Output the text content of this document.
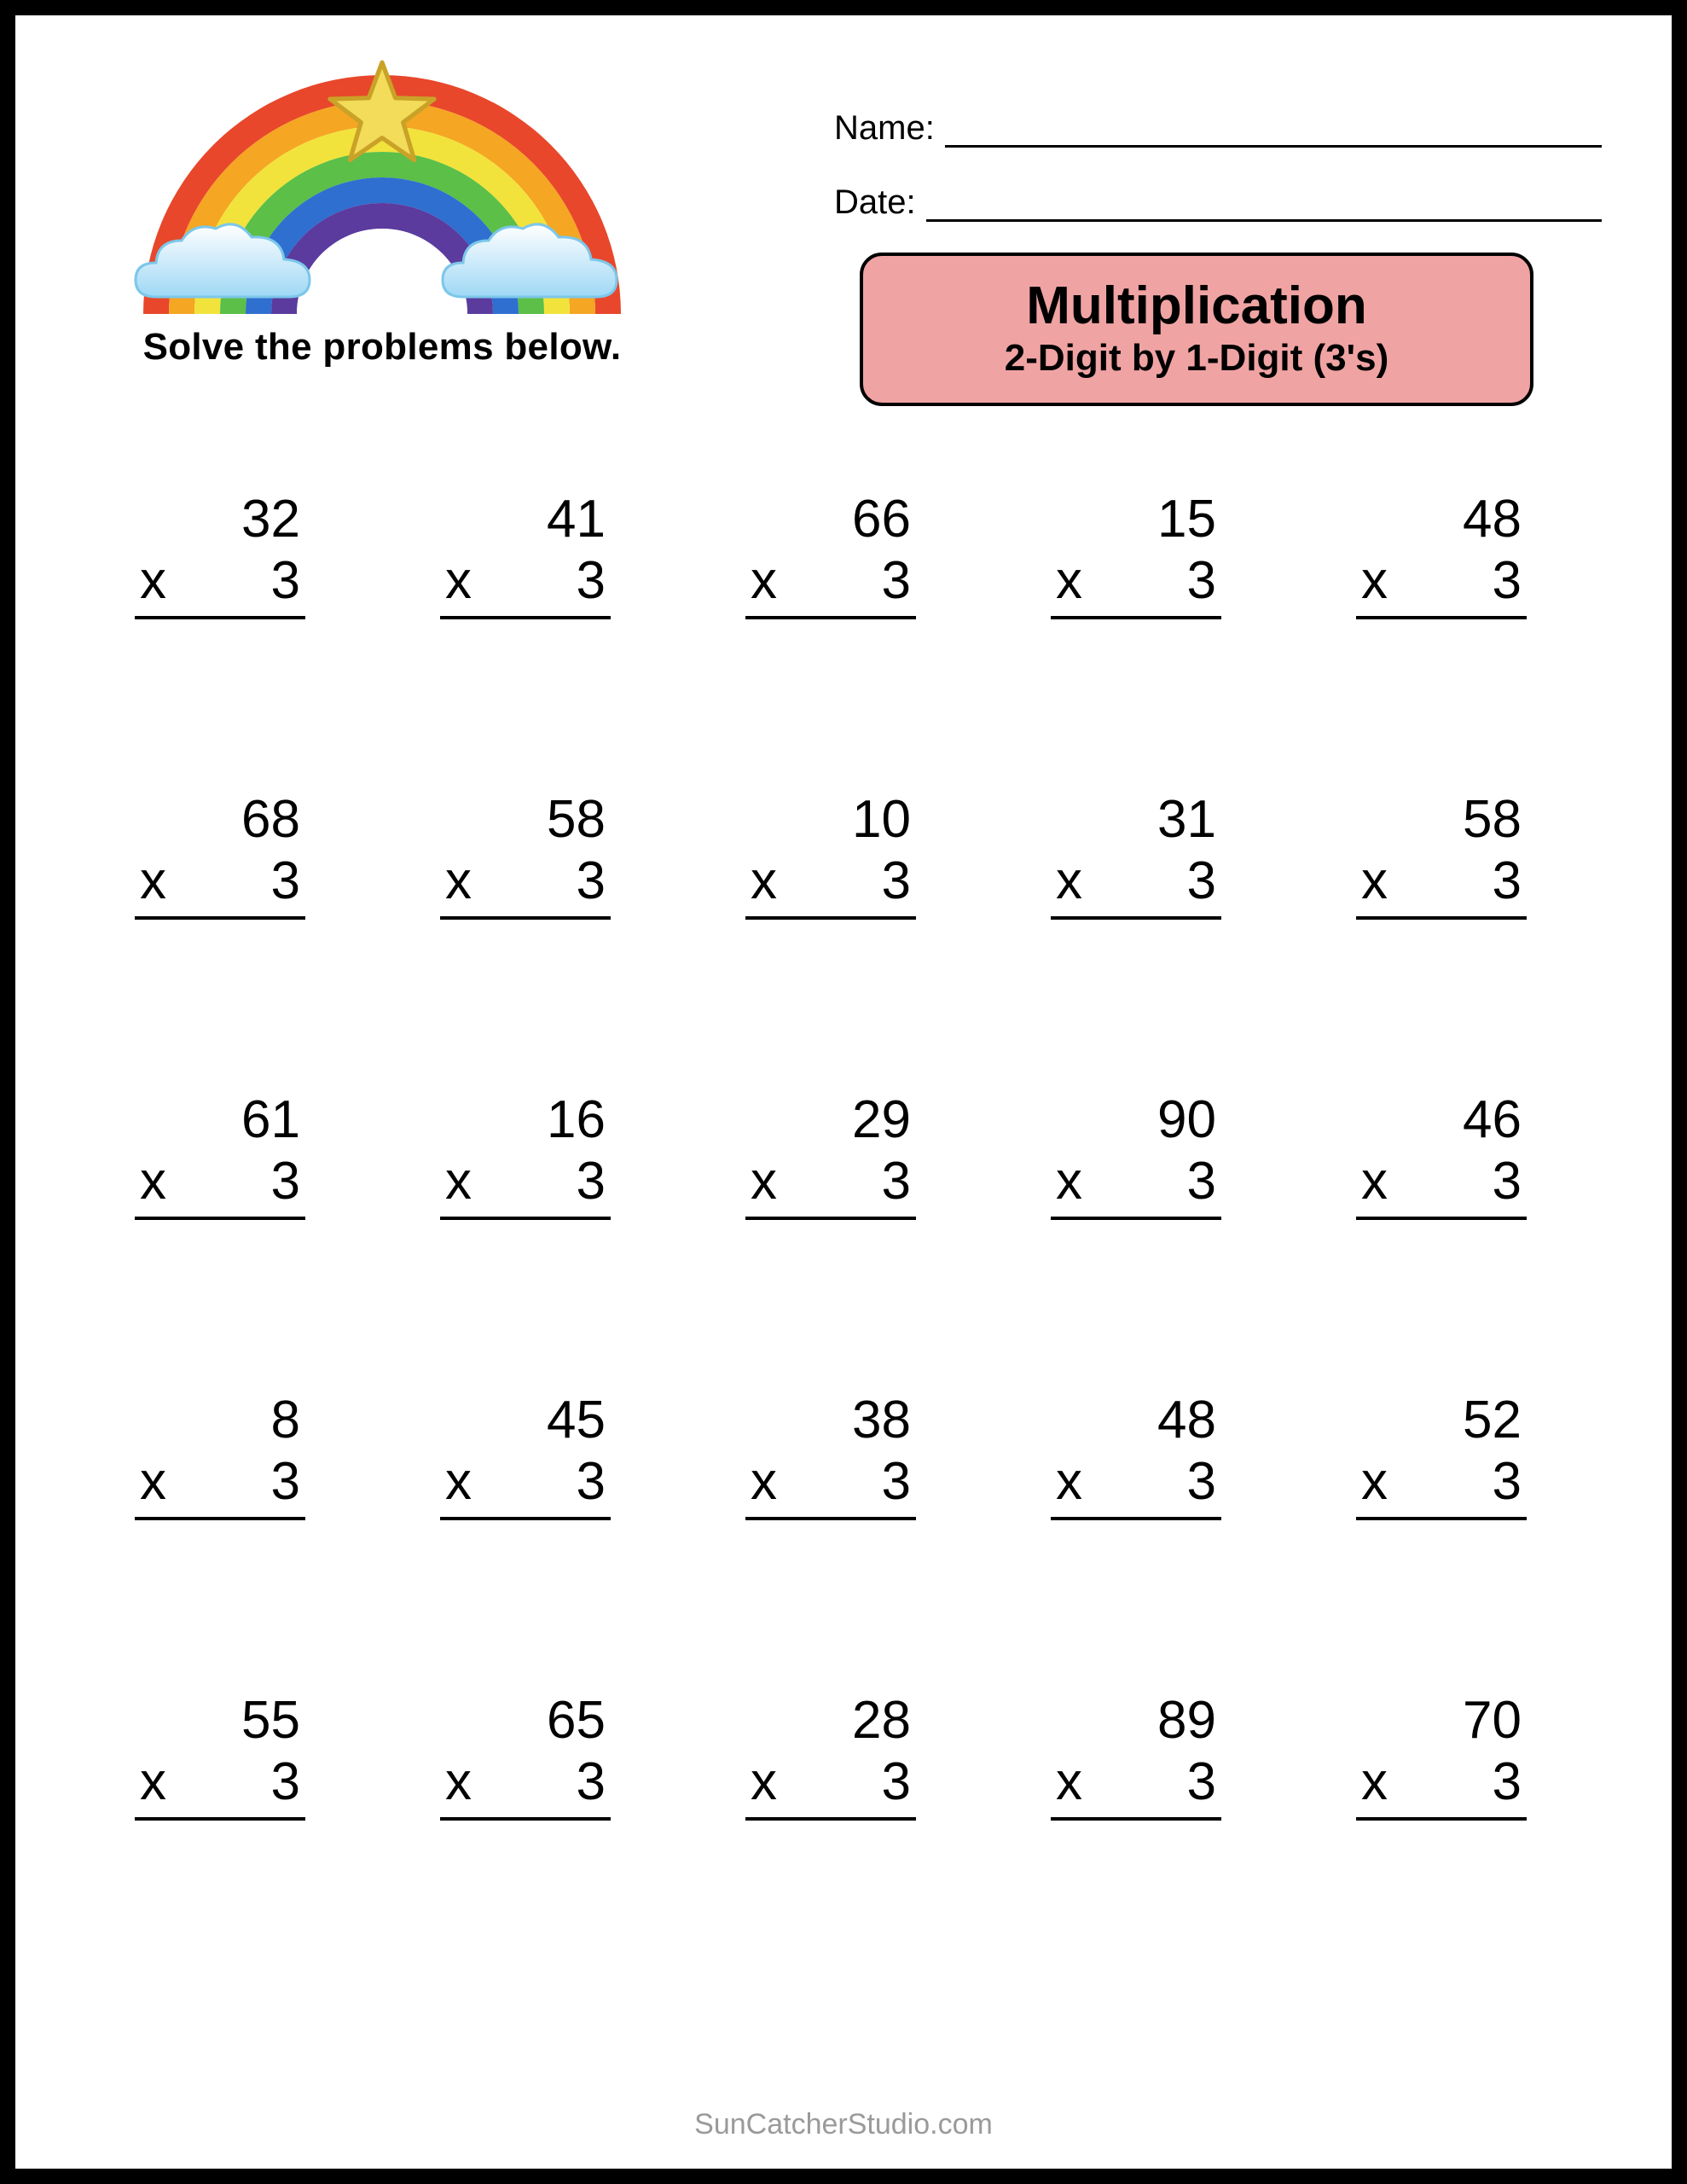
Solve the problems below.
Name:
Date:
Multiplication
2-Digit by 1-Digit (3's)
32
x 3
41
x 3
66
x 3
15
x 3
48
x 3
68
x 3
58
x 3
10
x 3
31
x 3
58
x 3
61
x 3
16
x 3
29
x 3
90
x 3
46
x 3
8
x 3
45
x 3
38
x 3
48
x 3
52
x 3
55
x 3
65
x 3
28
x 3
89
x 3
70
x 3
SunCatcherStudio.com
